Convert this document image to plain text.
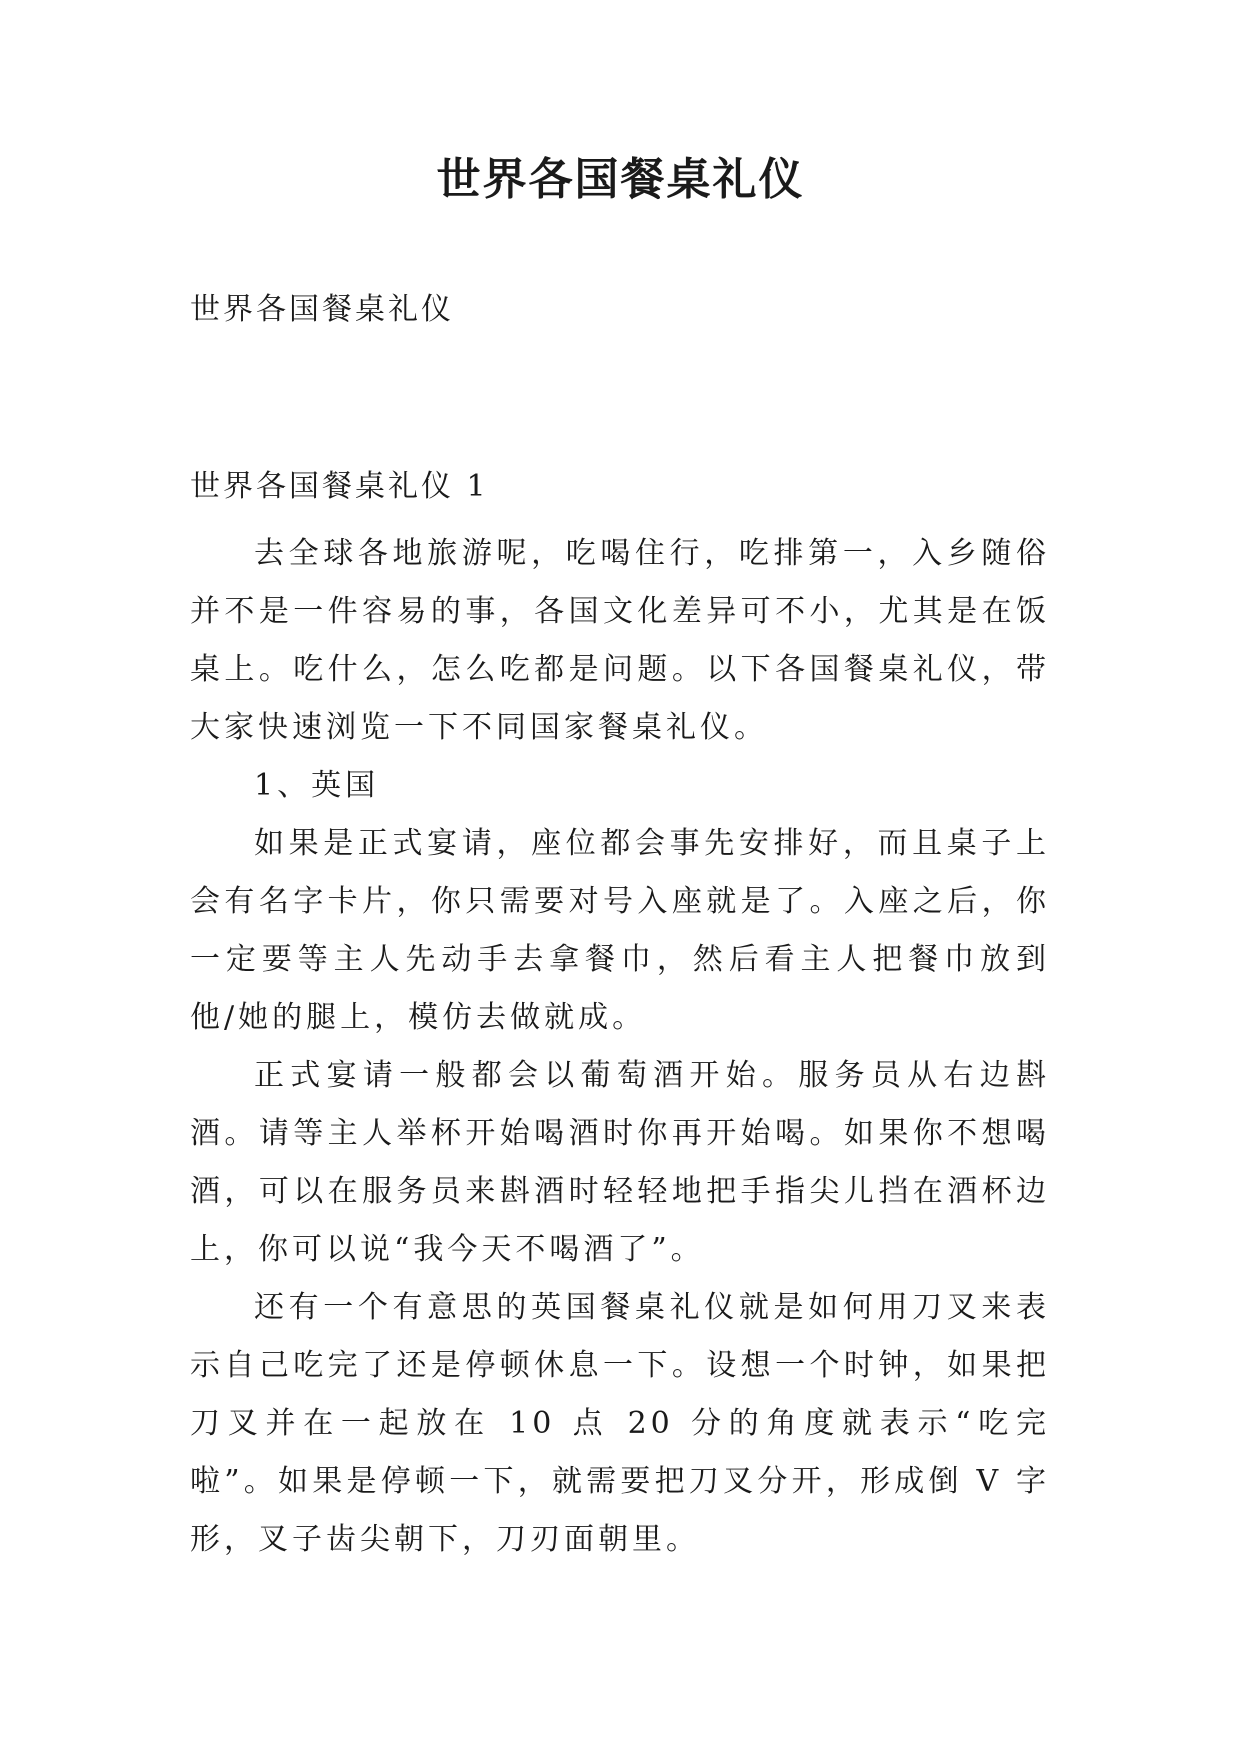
世界各国餐桌礼仪

世界各国餐桌礼仪

世界各国餐桌礼仪 1

去全球各地旅游呢，吃喝住行，吃排第一，入乡随俗并不是一件容易的事，各国文化差异可不小，尤其是在饭桌上。吃什么，怎么吃都是问题。以下各国餐桌礼仪，带大家快速浏览一下不同国家餐桌礼仪。

1、英国

如果是正式宴请，座位都会事先安排好，而且桌子上会有名字卡片，你只需要对号入座就是了。入座之后，你一定要等主人先动手去拿餐巾，然后看主人把餐巾放到他/她的腿上，模仿去做就成。

正式宴请一般都会以葡萄酒开始。服务员从右边斟酒。请等主人举杯开始喝酒时你再开始喝。如果你不想喝酒，可以在服务员来斟酒时轻轻地把手指尖儿挡在酒杯边上，你可以说“我今天不喝酒了”。

还有一个有意思的英国餐桌礼仪就是如何用刀叉来表示自己吃完了还是停顿休息一下。设想一个时钟，如果把刀叉并在一起放在 10 点 20 分的角度就表示“吃完啦”。如果是停顿一下，就需要把刀叉分开，形成倒 V 字形，叉子齿尖朝下，刀刃面朝里。
